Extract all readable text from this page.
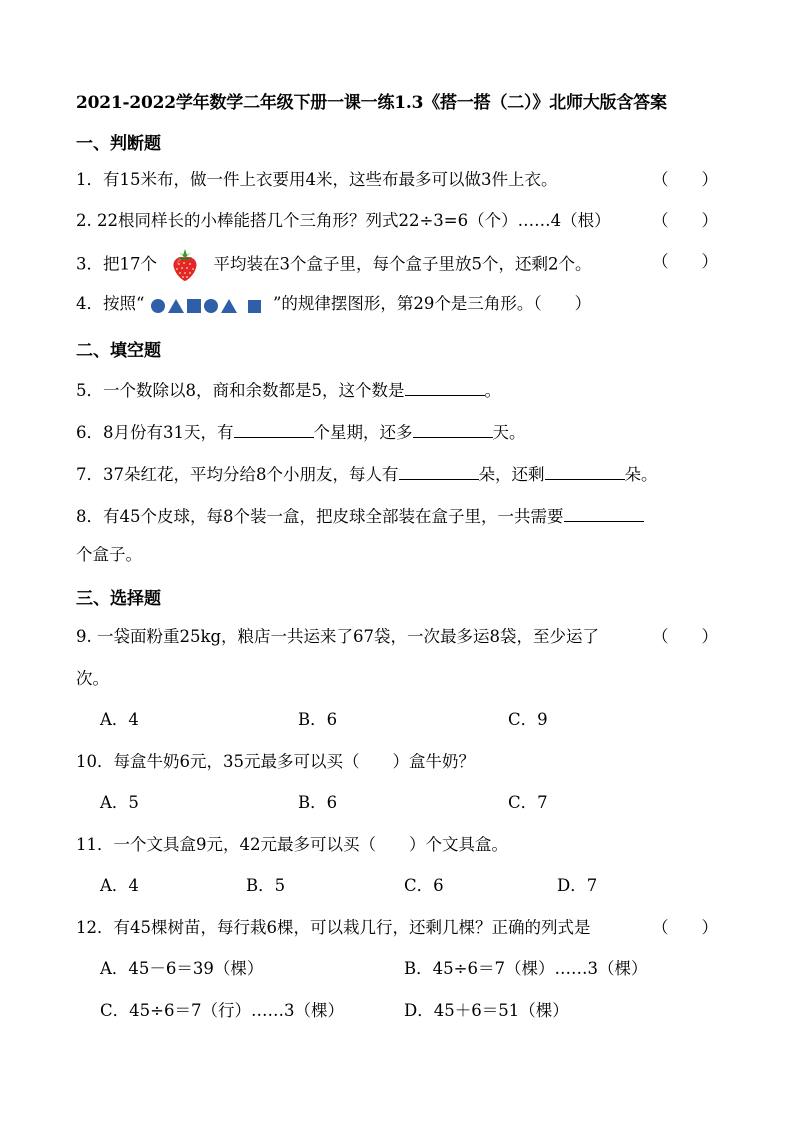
2021-2022学年数学二年级下册一课一练1.3《搭一搭（二）》北师大版含答案
一、判断题
1．有15米布，做一件上衣要用4米，这些布最多可以做3件上衣。	（　　）
2. 22根同样长的小棒能搭几个三角形？列式22÷3=6（个）……4（根）	（　　）
3．把17个	平均装在3个盒子里，每个盒子里放5个，还剩2个。	（　　）
4．按照“	”的规律摆图形，第29个是三角形。（　　）
二、填空题
5．一个数除以8，商和余数都是5，这个数是	。
6．8月份有31天，有	个星期，还多	天。
7．37朵红花，平均分给8个小朋友，每人有	朵，还剩	朵。
8．有45个皮球，每8个装一盒，把皮球全部装在盒子里，一共需要
个盒子。
三、选择题
9. 一袋面粉重25kg，粮店一共运来了67袋，一次最多运8袋，至少运了	（　　）
次。
A．4	B．6	C．9
10．每盒牛奶6元，35元最多可以买（　　）盒牛奶？
A．5	B．6	C．7
11．一个文具盒9元，42元最多可以买（　　）个文具盒。
A．4	B．5	C．6	D．7
12．有45棵树苗，每行栽6棵，可以栽几行，还剩几棵？正确的列式是	（　　）
A．45－6＝39（棵）	B．45÷6＝7（棵）……3（棵）
C．45÷6＝7（行）……3（棵）	D．45＋6＝51（棵）
